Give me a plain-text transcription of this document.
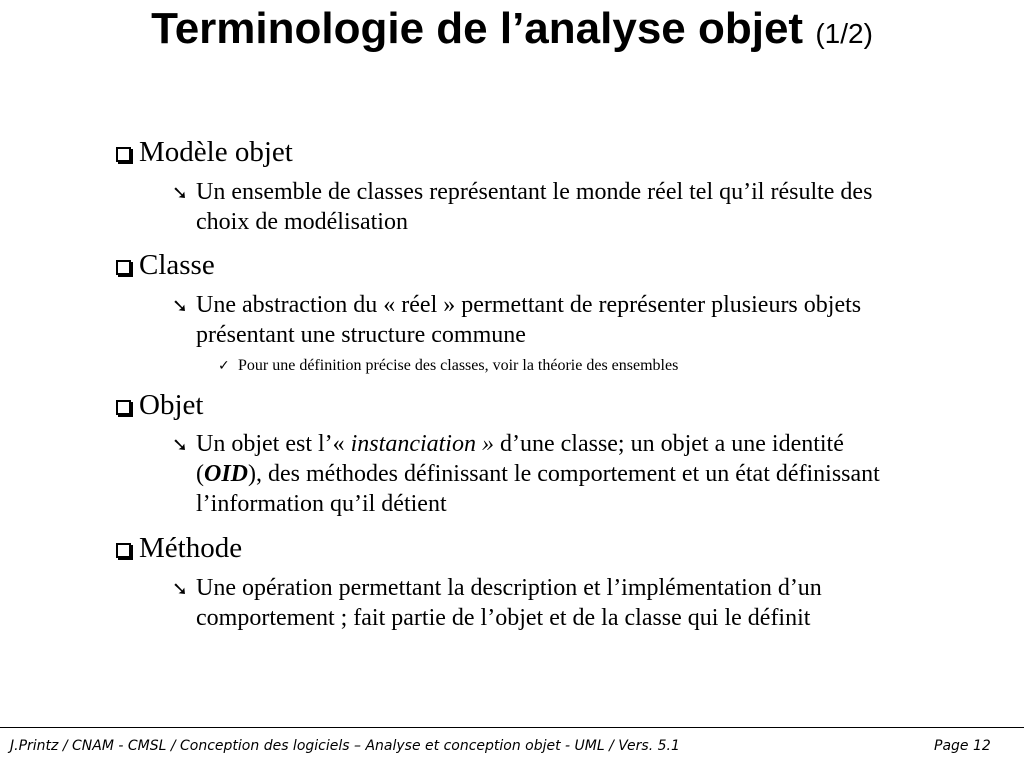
Terminologie de l’analyse objet (1/2)
Modèle objet
➘ Un ensemble de classes représentant le monde réel tel qu’il résulte des
choix de modélisation
Classe
➘ Une abstraction du « réel » permettant de représenter plusieurs objets
présentant une structure commune
✓ Pour une définition précise des classes, voir la théorie des ensembles
Objet
➘ Un objet est l’« instanciation » d’une classe; un objet a une identité
(OID), des méthodes définissant le comportement et un état définissant
l’information qu’il détient
Méthode
➘ Une opération permettant la description et l’implémentation d’un
comportement ; fait partie de l’objet et de la classe qui le définit
J.Printz / CNAM - CMSL / Conception des logiciels – Analyse et conception objet - UML / Vers. 5.1	Page 12
